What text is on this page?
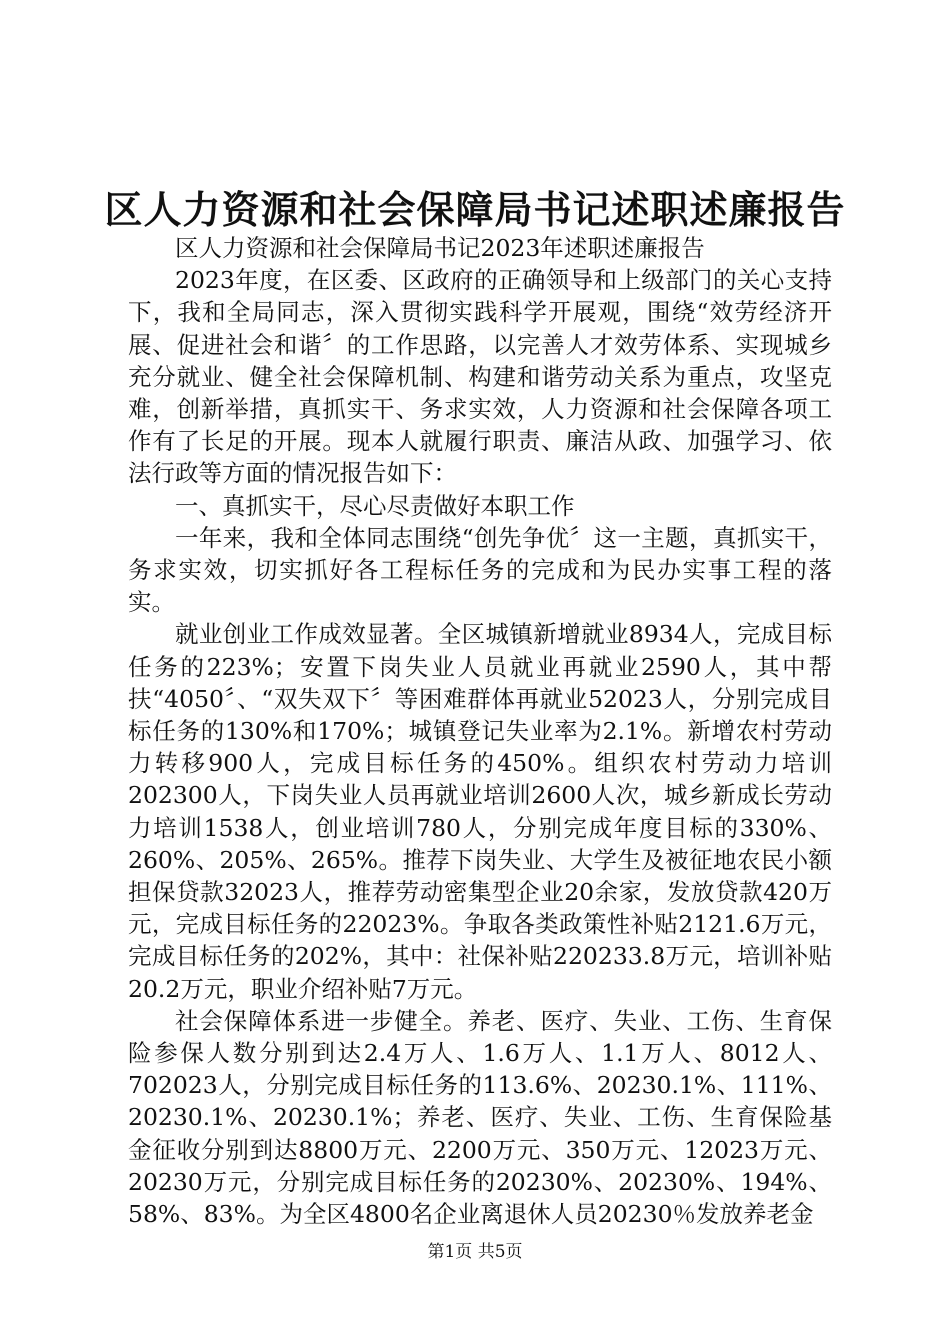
区人力资源和社会保障局书记述职述廉报告

区人力资源和社会保障局书记2023年述职述廉报告

2023年度，在区委、区政府的正确领导和上级部门的关心支持下，我和全局同志，深入贯彻实践科学开展观，围绕“效劳经济开展、促进社会和谐〞的工作思路，以完善人才效劳体系、实现城乡充分就业、健全社会保障机制、构建和谐劳动关系为重点，攻坚克难，创新举措，真抓实干、务求实效，人力资源和社会保障各项工作有了长足的开展。现本人就履行职责、廉洁从政、加强学习、依法行政等方面的情况报告如下：

一、真抓实干，尽心尽责做好本职工作

一年来，我和全体同志围绕“创先争优〞这一主题，真抓实干，务求实效，切实抓好各工程标任务的完成和为民办实事工程的落实。

就业创业工作成效显著。全区城镇新增就业8934人，完成目标任务的223%；安置下岗失业人员就业再就业2590人，其中帮扶“4050〞、“双失双下〞等困难群体再就业52023人，分别完成目标任务的130%和170%；城镇登记失业率为2.1%。新增农村劳动力转移900人，完成目标任务的450%。组织农村劳动力培训202300人，下岗失业人员再就业培训2600人次，城乡新成长劳动力培训1538人，创业培训780人，分别完成年度目标的330%、260%、205%、265%。推荐下岗失业、大学生及被征地农民小额担保贷款32023人，推荐劳动密集型企业20余家，发放贷款420万元，完成目标任务的22023%。争取各类政策性补贴2121.6万元，完成目标任务的202%，其中：社保补贴220233.8万元，培训补贴20.2万元，职业介绍补贴7万元。

社会保障体系进一步健全。养老、医疗、失业、工伤、生育保险参保人数分别到达2.4万人、1.6万人、1.1万人、8012人、702023人，分别完成目标任务的113.6%、20230.1%、111%、20230.1%、20230.1%；养老、医疗、失业、工伤、生育保险基金征收分别到达8800万元、2200万元、350万元、12023万元、20230万元，分别完成目标任务的20230%、20230%、194%、58%、83%。为全区4800名企业离退休人员20230％发放养老金

第1页 共5页
